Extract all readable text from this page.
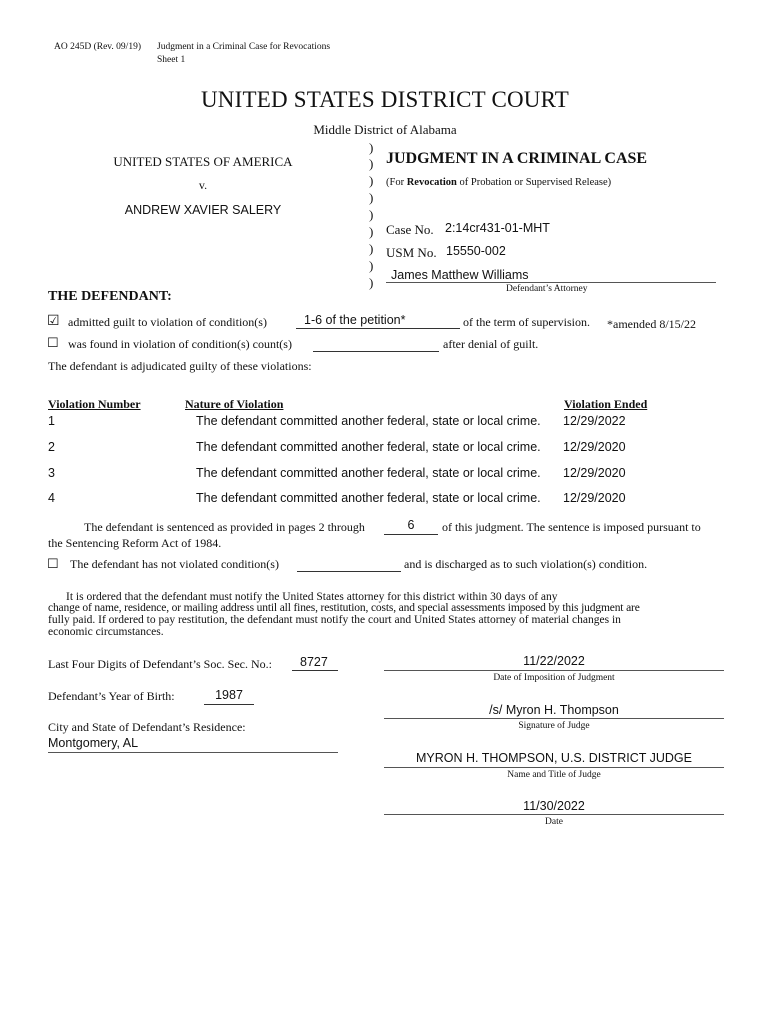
AO 245D (Rev. 09/19) Judgment in a Criminal Case for Revocations
Sheet 1
UNITED STATES DISTRICT COURT
Middle District of Alabama
UNITED STATES OF AMERICA
v.
ANDREW XAVIER SALERY
)
)
)
)
)
)
)
)
)
JUDGMENT IN A CRIMINAL CASE
(For Revocation of Probation or Supervised Release)
Case No. 2:14cr431-01-MHT
USM No. 15550-002
James Matthew Williams
Defendant’s Attorney
THE DEFENDANT:
☑ admitted guilt to violation of condition(s)	1-6 of the petition*	of the term of supervision. *amended 8/15/22
☐ was found in violation of condition(s) count(s)	after denial of guilt.
The defendant is adjudicated guilty of these violations:
Violation Number	Nature of Violation	Violation Ended
1	The defendant committed another federal, state or local crime. 12/29/2022
2	The defendant committed another federal, state or local crime. 12/29/2020
3	The defendant committed another federal, state or local crime. 12/29/2020
4	The defendant committed another federal, state or local crime. 12/29/2020
The defendant is sentenced as provided in pages 2 through	6	of this judgment. The sentence is imposed pursuant to
the Sentencing Reform Act of 1984.
☐ The defendant has not violated condition(s)	and is discharged as to such violation(s) condition.
It is ordered that the defendant must notify the United States attorney for this district within 30 days of any
change of name, residence, or mailing address until all fines, restitution, costs, and special assessments imposed by this judgment are
fully paid. If ordered to pay restitution, the defendant must notify the court and United States attorney of material changes in
economic circumstances.
Last Four Digits of Defendant’s Soc. Sec. No.:	8727
Defendant’s Year of Birth:	1987
City and State of Defendant’s Residence:
Montgomery, AL
11/22/2022
Date of Imposition of Judgment
/s/ Myron H. Thompson
Signature of Judge
MYRON H. THOMPSON, U.S. DISTRICT JUDGE
Name and Title of Judge
11/30/2022
Date
